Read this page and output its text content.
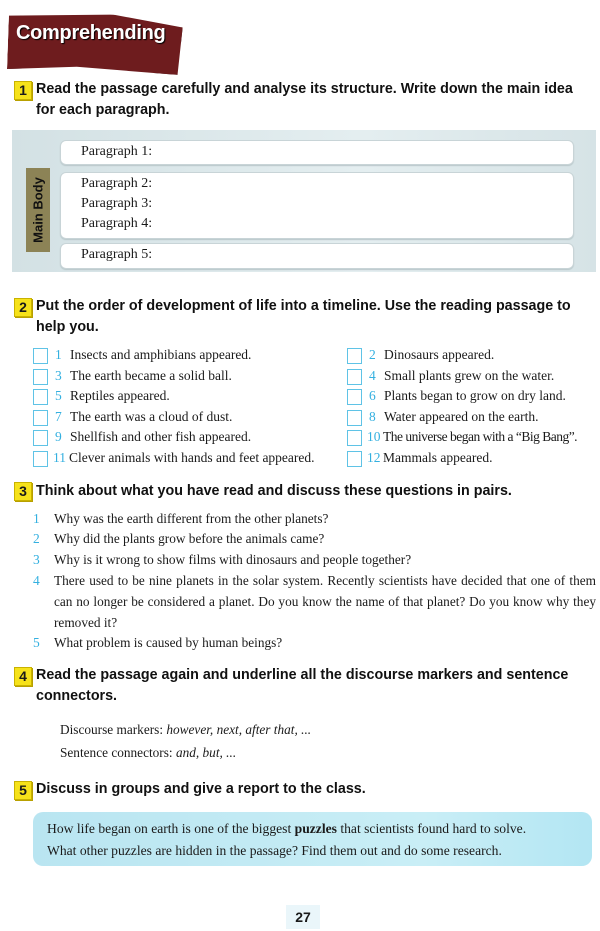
Comprehending
1 Read the passage carefully and analyse its structure. Write down the main idea
for each paragraph.
Main Body
Paragraph 1:
Paragraph 2:
Paragraph 3:
Paragraph 4:
Paragraph 5:
2 Put the order of development of life into a timeline. Use the reading passage to
help you.
1 Insects and amphibians appeared.
3 The earth became a solid ball.
5 Reptiles appeared.
7 The earth was a cloud of dust.
9 Shellfish and other fish appeared.
11 Clever animals with hands and feet appeared.
2 Dinosaurs appeared.
4 Small plants grew on the water.
6 Plants began to grow on dry land.
8 Water appeared on the earth.
10 The universe began with a “Big Bang”.
12 Mammals appeared.
3 Think about what you have read and discuss these questions in pairs.
1 Why was the earth different from the other planets?
2 Why did the plants grow before the animals came?
3 Why is it wrong to show films with dinosaurs and people together?
4 There used to be nine planets in the solar system. Recently scientists have decided that one of them can no longer be considered a planet. Do you know the name of that planet? Do you know why they removed it?
5 What problem is caused by human beings?
4 Read the passage again and underline all the discourse markers and sentence
connectors.
Discourse markers: however, next, after that, ...
Sentence connectors: and, but, ...
5 Discuss in groups and give a report to the class.
How life began on earth is one of the biggest puzzles that scientists found hard to solve.
What other puzzles are hidden in the passage? Find them out and do some research.
27
